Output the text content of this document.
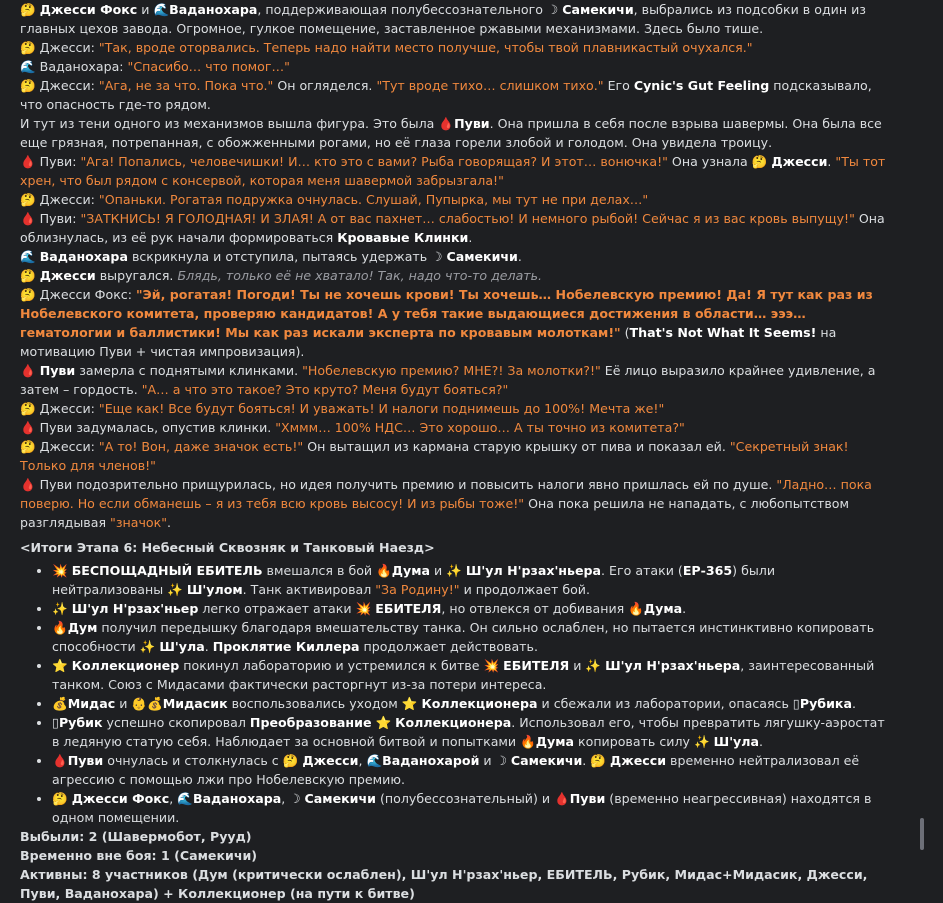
🤔 Джесси Фокс и 🌊Ваданохара, поддерживающая полубессознательного ☽ Самекичи, выбрались из подсобки в один из главных цехов завода. Огромное, гулкое помещение, заставленное ржавыми механизмами. Здесь было тише.

🤔 Джесси: "Так, вроде оторвались. Теперь надо найти место получше, чтобы твой плавникастый очухался."

🌊 Ваданохара: "Спасибо… что помог…"

🤔 Джесси: "Ага, не за что. Пока что." Он огляделся. "Тут вроде тихо… слишком тихо." Его Cynic's Gut Feeling подсказывало, что опасность где-то рядом.

И тут из тени одного из механизмов вышла фигура. Это была 🩸Пуви. Она пришла в себя после взрыва шавермы. Она была все еще грязная, потрепанная, с обожженными рогами, но её глаза горели злобой и голодом. Она увидела троицу.

🩸 Пуви: "Ага! Попались, человечишки! И… кто это с вами? Рыба говорящая? И этот… вонючка!" Она узнала 🤔 Джесси. "Ты тот хрен, что был рядом с консервой, которая меня шавермой забрызгала!"

🤔 Джесси: "Опаньки. Рогатая подружка очнулась. Слушай, Пупырка, мы тут не при делах…"

🩸 Пуви: "ЗАТКНИСЬ! Я ГОЛОДНАЯ! И ЗЛАЯ! А от вас пахнет… слабостью! И немного рыбой! Сейчас я из вас кровь выпущу!" Она облизнулась, из её рук начали формироваться Кровавые Клинки.

🌊 Ваданохара вскрикнула и отступила, пытаясь удержать ☽ Самекичи.

🤔 Джесси выругался. Блядь, только её не хватало! Так, надо что-то делать.

🤔 Джесси Фокс: "Эй, рогатая! Погоди! Ты не хочешь крови! Ты хочешь… Нобелевскую премию! Да! Я тут как раз из Нобелевского комитета, проверяю кандидатов! А у тебя такие выдающиеся достижения в области… эээ… гематологии и баллистики! Мы как раз искали эксперта по кровавым молоткам!" (That's Not What It Seems! на мотивацию Пуви + чистая импровизация).

🩸 Пуви замерла с поднятыми клинками. "Нобелевскую премию? МНЕ?! За молотки?!" Её лицо выразило крайнее удивление, а затем – гордость. "А… а что это такое? Это круто? Меня будут бояться?"

🤔 Джесси: "Еще как! Все будут бояться! И уважать! И налоги поднимешь до 100%! Мечта же!"

🩸 Пуви задумалась, опустив клинки. "Хммм… 100% НДС… Это хорошо… А ты точно из комитета?"

🤔 Джесси: "А то! Вон, даже значок есть!" Он вытащил из кармана старую крышку от пива и показал ей. "Секретный знак! Только для членов!"

🩸 Пуви подозрительно прищурилась, но идея получить премию и повысить налоги явно пришлась ей по душе. "Ладно… пока поверю. Но если обманешь – я из тебя всю кровь высосу! И из рыбы тоже!" Она пока решила не нападать, с любопытством разглядывая "значок".

<Итоги Этапа 6: Небесный Сквозняк и Танковый Наезд>

• 💥 БЕСПОЩАДНЫЙ ЕБИТЕЛЬ вмешался в бой 🔥Дума и ✨ Ш'ул Н'рзах'ньера. Его атаки (ЕР-365) были нейтрализованы ✨ Ш'улом. Танк активировал "За Родину!" и продолжает бой.
• ✨ Ш'ул Н'рзах'ньер легко отражает атаки 💥 ЕБИТЕЛЯ, но отвлекся от добивания 🔥Дума.
• 🔥Дум получил передышку благодаря вмешательству танка. Он сильно ослаблен, но пытается инстинктивно копировать способности ✨ Ш'ула. Проклятие Киллера продолжает действовать.
• ⭐ Коллекционер покинул лабораторию и устремился к битве 💥 ЕБИТЕЛЯ и ✨ Ш'ул Н'рзах'ньера, заинтересованный танком. Союз с Мидасами фактически расторгнут из-за потери интереса.
• 💰Мидас и 👶💰Мидасик воспользовались уходом ⭐ Коллекционера и сбежали из лаборатории, опасаясь ▯Рубика.
• ▯Рубик успешно скопировал Преобразование ⭐ Коллекционера. Использовал его, чтобы превратить лягушку-аэростат в ледяную статую себя. Наблюдает за основной битвой и попытками 🔥Дума копировать силу ✨ Ш'ула.
• 🩸Пуви очнулась и столкнулась с 🤔 Джесси, 🌊Ваданохарой и ☽ Самекичи. 🤔 Джесси временно нейтрализовал её агрессию с помощью лжи про Нобелевскую премию.
• 🤔 Джесси Фокс, 🌊Ваданохара, ☽ Самекичи (полубессознательный) и 🩸Пуви (временно неагрессивная) находятся в одном помещении.

Выбыли: 2 (Шавермобот, Рууд)

Временно вне боя: 1 (Самекичи)

Активны: 8 участников (Дум (критически ослаблен), Ш'ул Н'рзах'ньер, ЕБИТЕЛЬ, Рубик, Мидас+Мидасик, Джесси, Пуви, Ваданохара) + Коллекционер (на пути к битве)
